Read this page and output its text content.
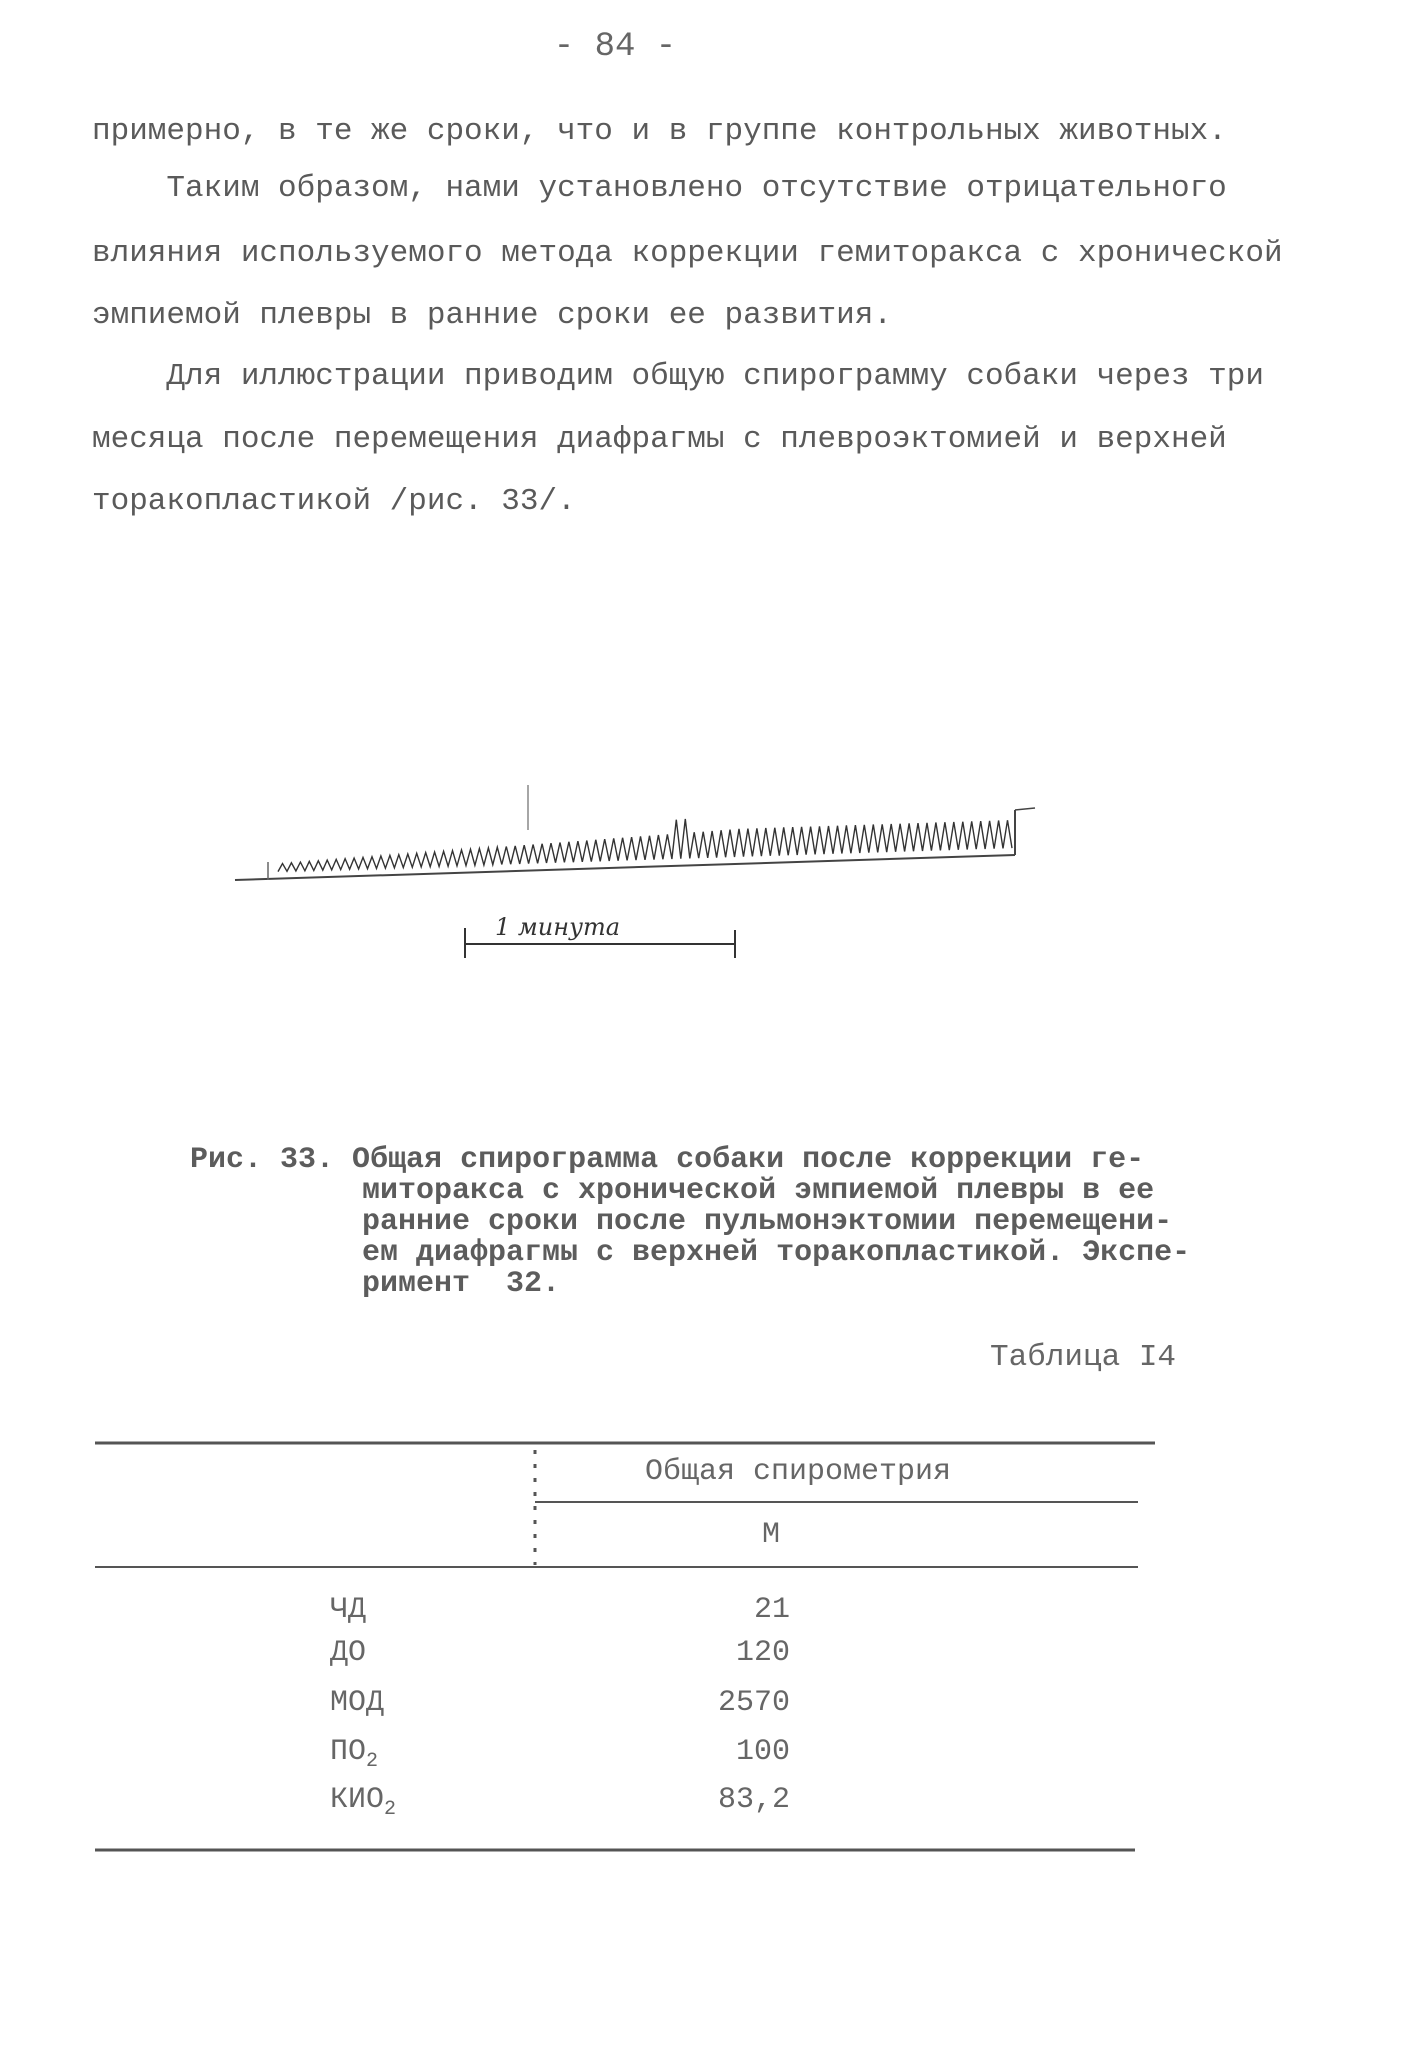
- 84 -
примерно, в те же сроки, что и в группе контрольных животных.
Таким образом, нами установлено отсутствие отрицательного
влияния используемого метода коррекции гемиторакса с хронической
эмпиемой плевры в ранние сроки ее развития.
Для иллюстрации приводим общую спирограмму собаки через три
месяца после перемещения диафрагмы с плевроэктомией и верхней
торакопластикой /рис. 33/.
1 минута
Рис. 33. Общая спирограмма собаки после коррекции ге-
миторакса с хронической эмпиемой плевры в ее
ранние сроки после пульмонэктомии перемещени-
ем диафрагмы с верхней торакопластикой. Экспе-
римент  32.
Таблица I4
Общая спирометрия
М
ЧД	21
ДО	120
МОД	2570
$ПО_2$	100
$КИО_2$	83,2
